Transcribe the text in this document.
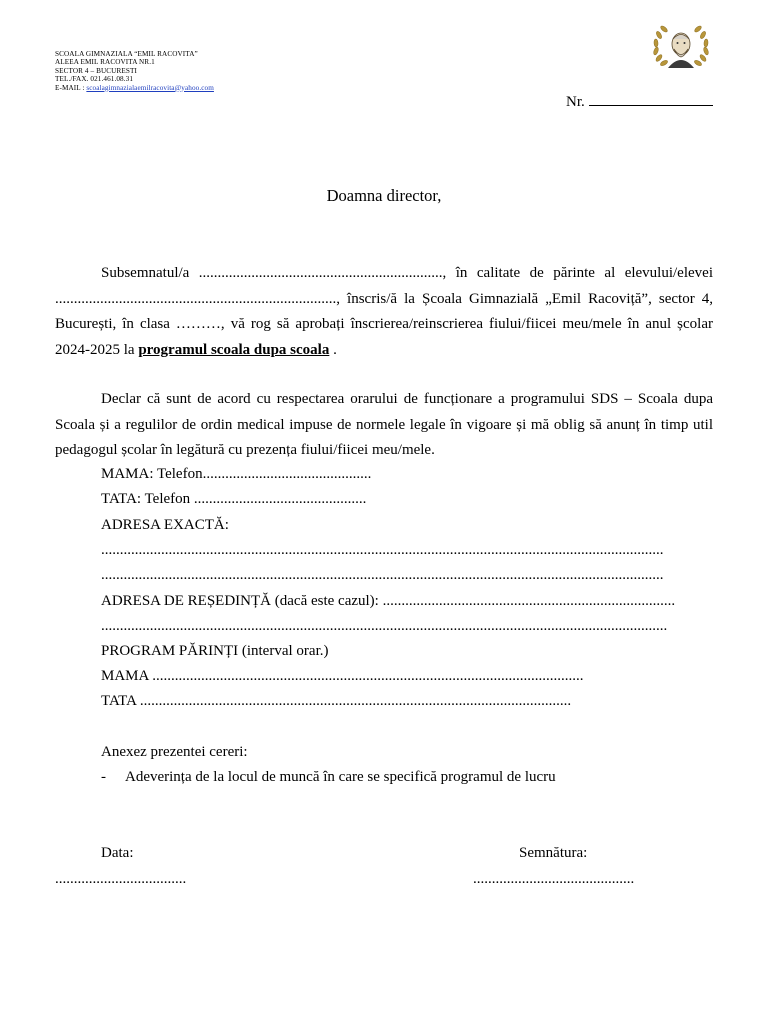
SCOALA GIMNAZIALA “EMIL RACOVITA”
ALEEA EMIL RACOVITA NR.1
SECTOR 4 – BUCURESTI
TEL./FAX. 021.461.08.31
E-MAIL : scoalagimnazialaemilracovita@yahoo.com
Nr.
Doamna director,
Subsemnatul/a ................................................................., în calitate de părinte al elevului/elevei ..........................................................................., înscris/ă la Școala Gimnazială „Emil Racoviță”, sector 4, București, în clasa ………, vă rog să aprobați înscrierea/reinscrierea fiului/fiicei meu/mele în anul școlar 2024-2025 la programul scoala dupa scoala .
Declar că sunt de acord cu respectarea orarului de funcționare a programului SDS – Scoala dupa Scoala și a regulilor de ordin medical impuse de normele legale în vigoare și mă oblig să anunț în timp util pedagogul școlar în legătură cu prezența fiului/fiicei meu/mele.
MAMA: Telefon.............................................
TATA: Telefon ..............................................
ADRESA EXACTĂ:
......................................................................................................................................................
......................................................................................................................................................
ADRESA DE REȘEDINȚĂ (dacă este cazul): ..............................................................................
.......................................................................................................................................................
PROGRAM PĂRINȚI (interval orar.)
MAMA ...................................................................................................................
TATA ...................................................................................................................
Anexez prezentei cereri:
- Adeverința de la locul de muncă în care se specifică programul de lucru
Data:
...................................
Semnătura:
...........................................
